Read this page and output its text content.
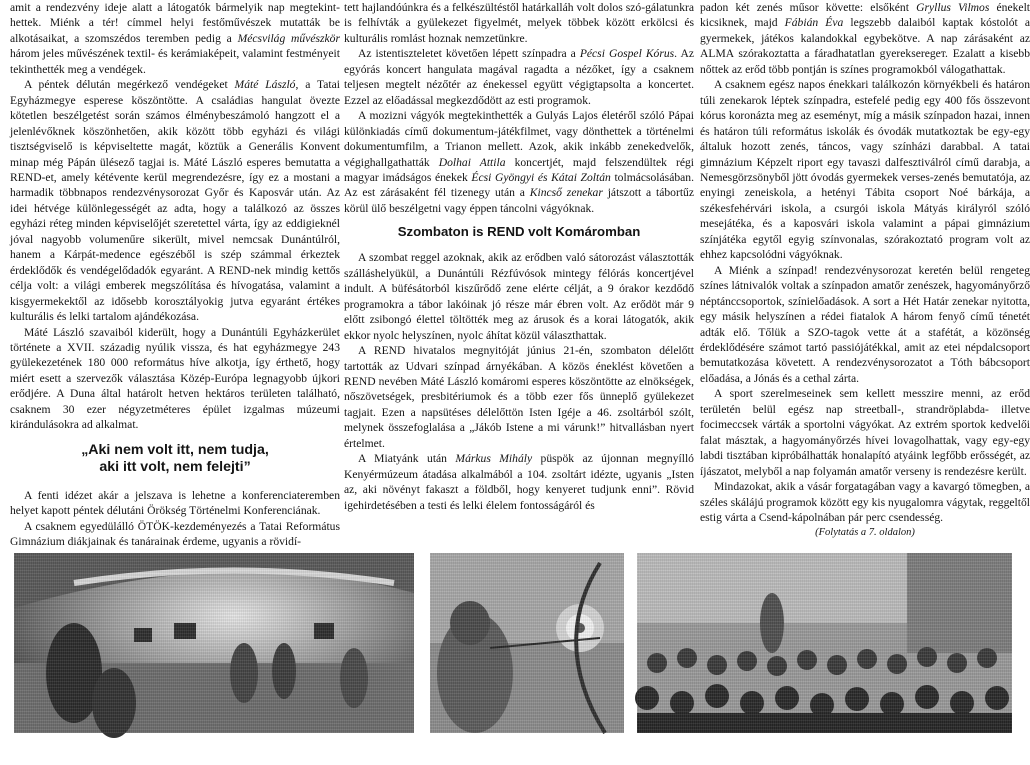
amit a rendezvény ideje alatt a látogatók bármelyik nap megtekint-hettek. Miénk a tér! címmel helyi festőművészek mutatták be alkotásaikat, a szomszédos teremben pedig a Mécsvilág művészkör három jeles művészének textil- és kerámiaképeit, valamint festményeit tekinthették meg a vendégek.

A péntek délután megérkező vendégeket Máté László, a Tatai Egyházmegye esperese köszöntötte. A családias hangulat övezte kötetlen beszélgetést során számos élménybeszámoló hangzott el a jelenlévőknek köszönhetően, akik között több egyházi és világi tisztségviselő is képviseltette magát, köztük a Generális Konvent minap még Pápán ülésező tagjai is. Máté László esperes bemutatta a REND-et, amely kétévente kerül megrendezésre, így ez a mostani a harmadik többnapos rendezvénysorozat Győr és Kaposvár után. Az idei hétvége különlegességét az adta, hogy a találkozó az összes egyházi réteg minden képviselőjét szeretettel várta, így az eddigieknél jóval nagyobb volumenűre sikerült, mivel nemcsak Dunántúlról, hanem a Kárpát-medence egészéből is szép számmal érkeztek érdeklődők és vendégelődadók egyaránt. A REND-nek mindig kettős célja volt: a világi emberek megszólítása és hívogatása, valamint a kisgyermekektől az idősebb korosztályokig jutva egyaránt értékes kulturális és lelki tartalom ajándékozása.

Máté László szavaiból kiderült, hogy a Dunántúli Egyházkerület története a XVII. századig nyúlik vissza, és hat egyházmegye 243 gyülekezetének 180 000 református híve alkotja, így érthető, hogy miért esett a szervezők választása Közép-Európa legnagyobb újkori erődjére. A Duna által határolt hetven hektáros területen található, csaknem 30 ezer négyzetméteres épület izgalmas múzeumi kirándulásokra ad alkalmat.

„Aki nem volt itt, nem tudja,
aki itt volt, nem felejti”

A fenti idézet akár a jelszava is lehetne a konferenciateremben helyet kapott péntek délutáni Örökség Történelmi Konferenciának.

A csaknem egyedülálló ÖTÖK-kezdeményezés a Tatai Református Gimnázium diákjainak és tanárainak érdeme, ugyanis a rövidí-

tett hajlandóúnkra és a felkészültéstől határkalláh volt dolos szó-gálatunkra is felhívták a gyülekezet figyelmét, melyek többek között erkölcsi és kulturális romlást hoznak nemzetünkre.

Az istentiszteletet követően lépett színpadra a Pécsi Gospel Kórus. Az egyórás koncert hangulata magával ragadta a nézőket, így a csaknem teljesen megtelt nézőtér az énekessel együtt végigtapsolta a koncertet. Ezzel az előadással megkezdődött az esti programok.

A mozizni vágyók megtekinthették a Gulyás Lajos életéről szóló Pápai különkiadás című dokumentum-játékfilmet, vagy dönthettek a történelmi dokumentumfilm, a Trianon mellett. Azok, akik inkább zenekedvelők, végighallgathatták Dolhai Attila koncertjét, majd felszendültek régi magyar imádságos énekek Écsi Gyöngyi és Kátai Zoltán tolmácsolásában. Az est zárásaként fél tizenegy után a Kincső zenekar játszott a tábortűz körül ülő beszélgetni vagy éppen táncolni vágyóknak.

Szombaton is REND volt Komáromban

A szombat reggel azoknak, akik az erődben való sátorozást választották szálláshelyükül, a Dunántúli Rézfúvósok mintegy félórás koncertjével indult. A büfésátorból kiszűrődő zene elérte célját, a 9 órakor kezdődő programokra a tábor lakóinak jó része már ébren volt. Az erődöt már 9 előtt zsibongó élettel töltötték meg az árusok és a korai látogatók, akik ekkor nyolc helyszínen, nyolc áhítat közül választhattak.

A REND hivatalos megnyitóját június 21-én, szombaton délelőtt tartották az Udvari színpad árnyékában. A közös éneklést követően a REND nevében Máté László komáromi esperes köszöntötte az elnökségek, nőszövetségek, presbitériumok és a több ezer fős ünneplő gyülekezet tagjait. Ezen a napsütéses délelőttön Isten Igéje a 46. zsoltárból szólt, melynek összefoglalása a „Jákób Istene a mi várunk!” hitvallásban nyert értelmet.

A Miatyánk után Márkus Mihály püspök az újonnan megnyílló Kenyérmúzeum átadása alkalmából a 104. zsoltárt idézte, ugyanis „Isten az, aki növényt fakaszt a földből, hogy kenyeret tudjunk enni”. Rövid igehirdetésében a testi és lelki élelem fontosságáról és

padon két zenés műsor követte: elsőként Gryllus Vilmos énekelt kicsiknek, majd Fábián Éva legszebb dalaiból kaptak kóstolót a gyermekek, játékos kalandokkal egybekötve. A nap zárásaként az ALMA szórakoztatta a fáradhatatlan gyerekseregeт. Ezalatt a kisebb nőttek az erőd több pontján is színes programokból válogathattak.

A csaknem egész napos énekkari találkozón környékbeli és határon túli zenekarok léptek színpadra, estefelé pedig egy 400 fős összevont kórus koronázta meg az eseményt, míg a másik színpadon hazai, innen és határon túli református iskolák és óvodák mutatkoztak be egy-egy általuk hozott zenés, táncos, vagy színházi darabbal. A tatai gimnázium Képzelt riport egy tavaszi dalfesztiválról című darabja, a Nemesgörzsönyből jött óvodás gyermekek verses-zenés bemutatója, az enyingi zeneiskola, a hetényi Tábita csoport Noé bárkája, a székesfehérvári iskola, a csurgói iskola Mátyás királyról szóló mesejátéka, és a kaposvári iskola valamint a pápai gimnázium színjátéka egytől egyig színvonalas, szórakoztató program volt az ehhez kapcsolódni vágyóknak.

A Miénk a színpad! rendezvénysorozat keretén belül rengeteg színes látnivalók voltak a színpadon amatőr zenészek, hagyományőrző néptánccsoportok, színielőadások. A sort a Hét Határ zenekar nyitotta, egy másik helyszínen a rédei fiatalok A három fenyő című ténetét adták elő. Tőlük a SZO-tagok vette át a stafétát, a közönség érdeklődésére számot tartó passiójátékkal, amit az etei népdalcsoport bemutatkozása követett. A rendezvénysorozatot a Tóth bábcsoport előadása, a Jónás és a cethal zárta.

A sport szerelmeseinek sem kellett messzire menni, az erőd területén belül egész nap streetball-, strandröplabda- illetve focimeccsek várták a sportolni vágyókat. Az extrém sportok kedvelői falat másztak, a hagyományőrzés hívei lovagolhattak, vagy egy-egy labdi tisztában kipróbálhatták honalapító atyáink legfőbb erősségét, az íjászatot, melyből a nap folyamán amatőr verseny is rendezésre került.

Mindazokat, akik a vásár forgatagában vagy a kavargó tömegben, a széles skálájú programok között egy kis nyugalomra vágytak, reggeltől estig várta a Csend-kápolnában pár perc csendesség.

(Folytatás a 7. oldalon)
